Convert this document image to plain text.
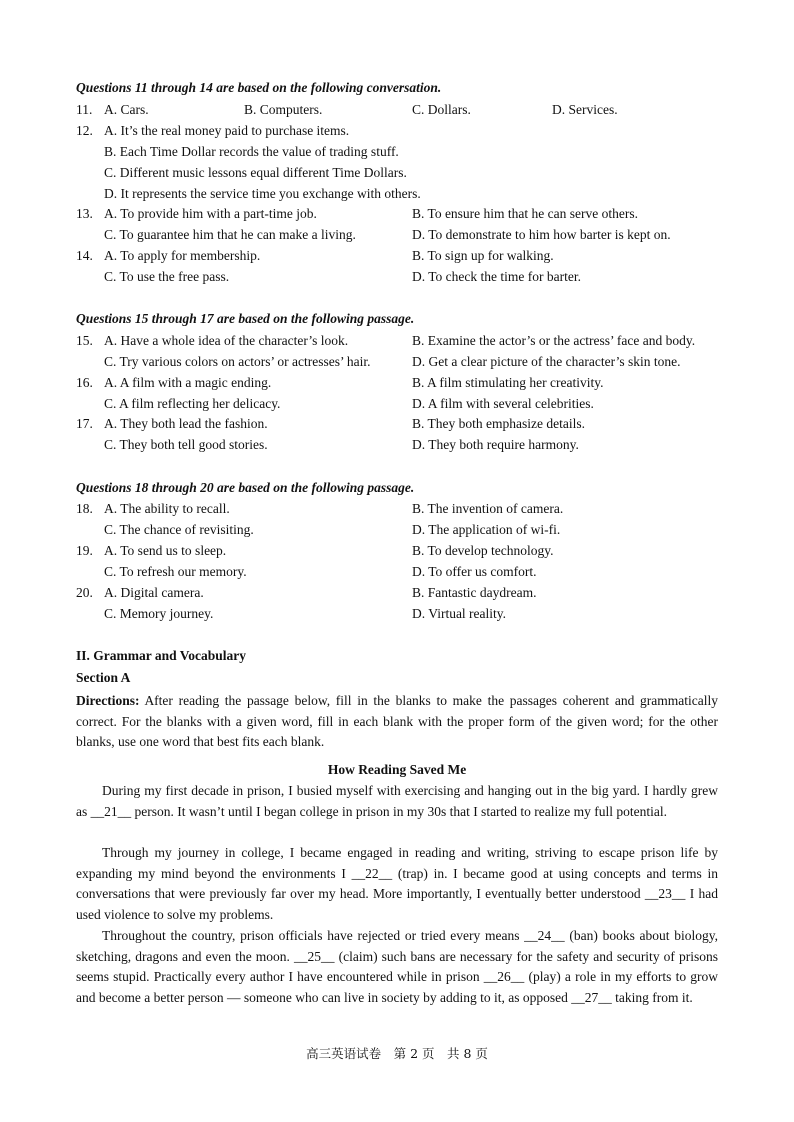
Questions 11 through 14 are based on the following conversation.
11. A. Cars.	B. Computers.	C. Dollars.	D. Services.
12. A. It’s the real money paid to purchase items.
B. Each Time Dollar records the value of trading stuff.
C. Different music lessons equal different Time Dollars.
D. It represents the service time you exchange with others.
13. A. To provide him with a part-time job.	B. To ensure him that he can serve others.
C. To guarantee him that he can make a living.	D. To demonstrate to him how barter is kept on.
14. A. To apply for membership.	B. To sign up for walking.
C. To use the free pass.	D. To check the time for barter.
Questions 15 through 17 are based on the following passage.
15. A. Have a whole idea of the character’s look.	B. Examine the actor’s or the actress’ face and body.
C. Try various colors on actors’ or actresses’ hair.	D. Get a clear picture of the character’s skin tone.
16. A. A film with a magic ending.	B. A film stimulating her creativity.
C. A film reflecting her delicacy.	D. A film with several celebrities.
17. A. They both lead the fashion.	B. They both emphasize details.
C. They both tell good stories.	D. They both require harmony.
Questions 18 through 20 are based on the following passage.
18. A. The ability to recall.	B. The invention of camera.
C. The chance of revisiting.	D. The application of wi-fi.
19. A. To send us to sleep.	B. To develop technology.
C. To refresh our memory.	D. To offer us comfort.
20. A. Digital camera.	B. Fantastic daydream.
C. Memory journey.	D. Virtual reality.
II. Grammar and Vocabulary
Section A
Directions: After reading the passage below, fill in the blanks to make the passages coherent and grammatically correct. For the blanks with a given word, fill in each blank with the proper form of the given word; for the other blanks, use one word that best fits each blank.
How Reading Saved Me
During my first decade in prison, I busied myself with exercising and hanging out in the big yard. I hardly grew as __21__ person. It wasn’t until I began college in prison in my 30s that I started to realize my full potential.
Through my journey in college, I became engaged in reading and writing, striving to escape prison life by expanding my mind beyond the environments I __22__ (trap) in. I became good at using concepts and terms in conversations that were previously far over my head. More importantly, I eventually better understood __23__ I had used violence to solve my problems.
Throughout the country, prison officials have rejected or tried every means __24__ (ban) books about biology, sketching, dragons and even the moon. __25__ (claim) such bans are necessary for the safety and security of prisons seems stupid. Practically every author I have encountered while in prison __26__ (play) a role in my efforts to grow and become a better person — someone who can live in society by adding to it, as opposed __27__ taking from it.
高三英语试卷　第 2 页　共 8 页
